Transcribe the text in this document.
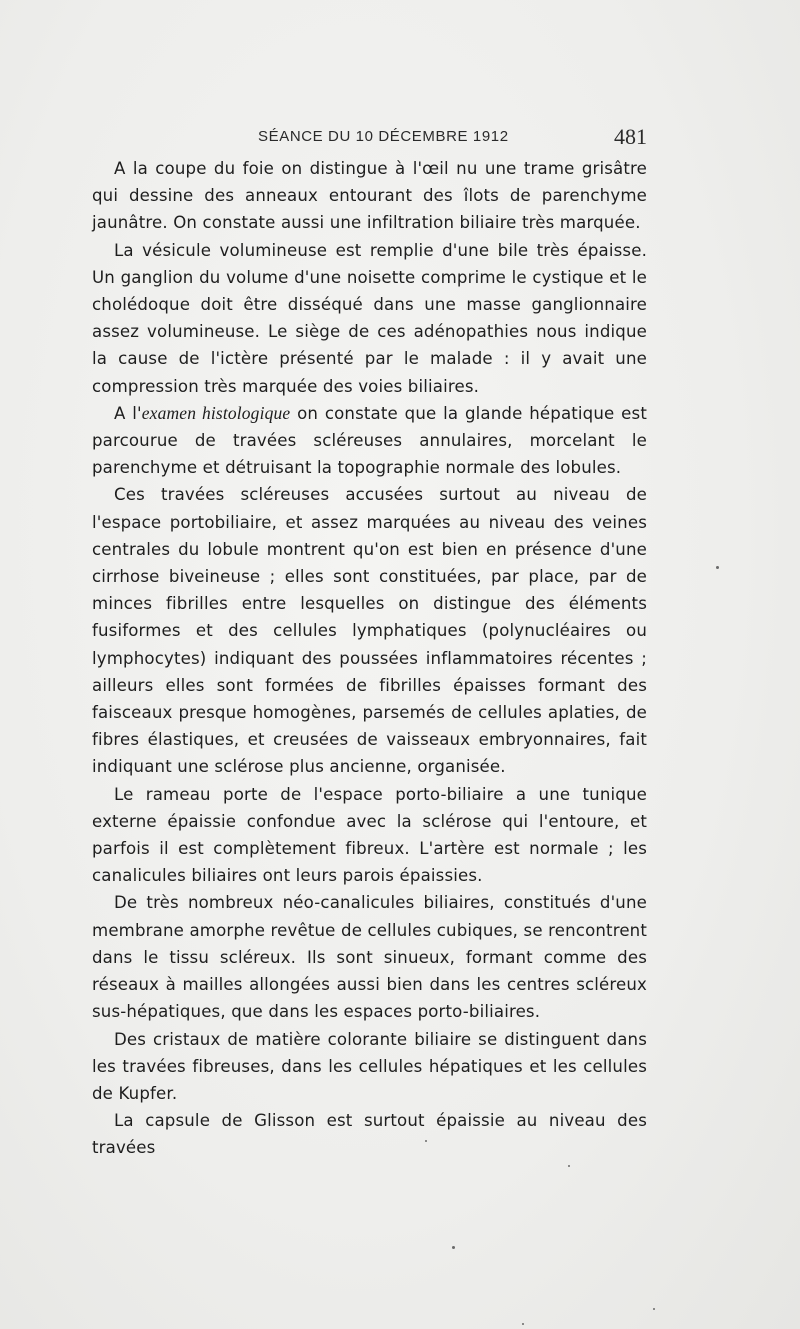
SÉANCE DU 10 DÉCEMBRE 1912	481

A la coupe du foie on distingue à l'œil nu une trame grisâtre qui dessine des anneaux entourant des îlots de parenchyme jaunâtre. On constate aussi une infiltration biliaire très marquée.

La vésicule volumineuse est remplie d'une bile très épaisse. Un ganglion du volume d'une noisette comprime le cystique et le cholédoque doit être disséqué dans une masse ganglionnaire assez volumineuse. Le siège de ces adénopathies nous indique la cause de l'ictère présenté par le malade : il y avait une compression très marquée des voies biliaires.

A l'examen histologique on constate que la glande hépatique est parcourue de travées scléreuses annulaires, morcelant le parenchyme et détruisant la topographie normale des lobules.

Ces travées scléreuses accusées surtout au niveau de l'espace portobiliaire, et assez marquées au niveau des veines centrales du lobule montrent qu'on est bien en présence d'une cirrhose biveineuse ; elles sont constituées, par place, par de minces fibrilles entre lesquelles on distingue des éléments fusiformes et des cellules lymphatiques (polynucléaires ou lymphocytes) indiquant des poussées inflammatoires récentes ; ailleurs elles sont formées de fibrilles épaisses formant des faisceaux presque homogènes, parsemés de cellules aplaties, de fibres élastiques, et creusées de vaisseaux embryonnaires, fait indiquant une sclérose plus ancienne, organisée.

Le rameau porte de l'espace porto-biliaire a une tunique externe épaissie confondue avec la sclérose qui l'entoure, et parfois il est complètement fibreux. L'artère est normale ; les canalicules biliaires ont leurs parois épaissies.

De très nombreux néo-canalicules biliaires, constitués d'une membrane amorphe revêtue de cellules cubiques, se rencontrent dans le tissu scléreux. Ils sont sinueux, formant comme des réseaux à mailles allongées aussi bien dans les centres scléreux sus-hépatiques, que dans les espaces porto-biliaires.

Des cristaux de matière colorante biliaire se distinguent dans les travées fibreuses, dans les cellules hépatiques et les cellules de Kupfer.

La capsule de Glisson est surtout épaissie au niveau des travées
